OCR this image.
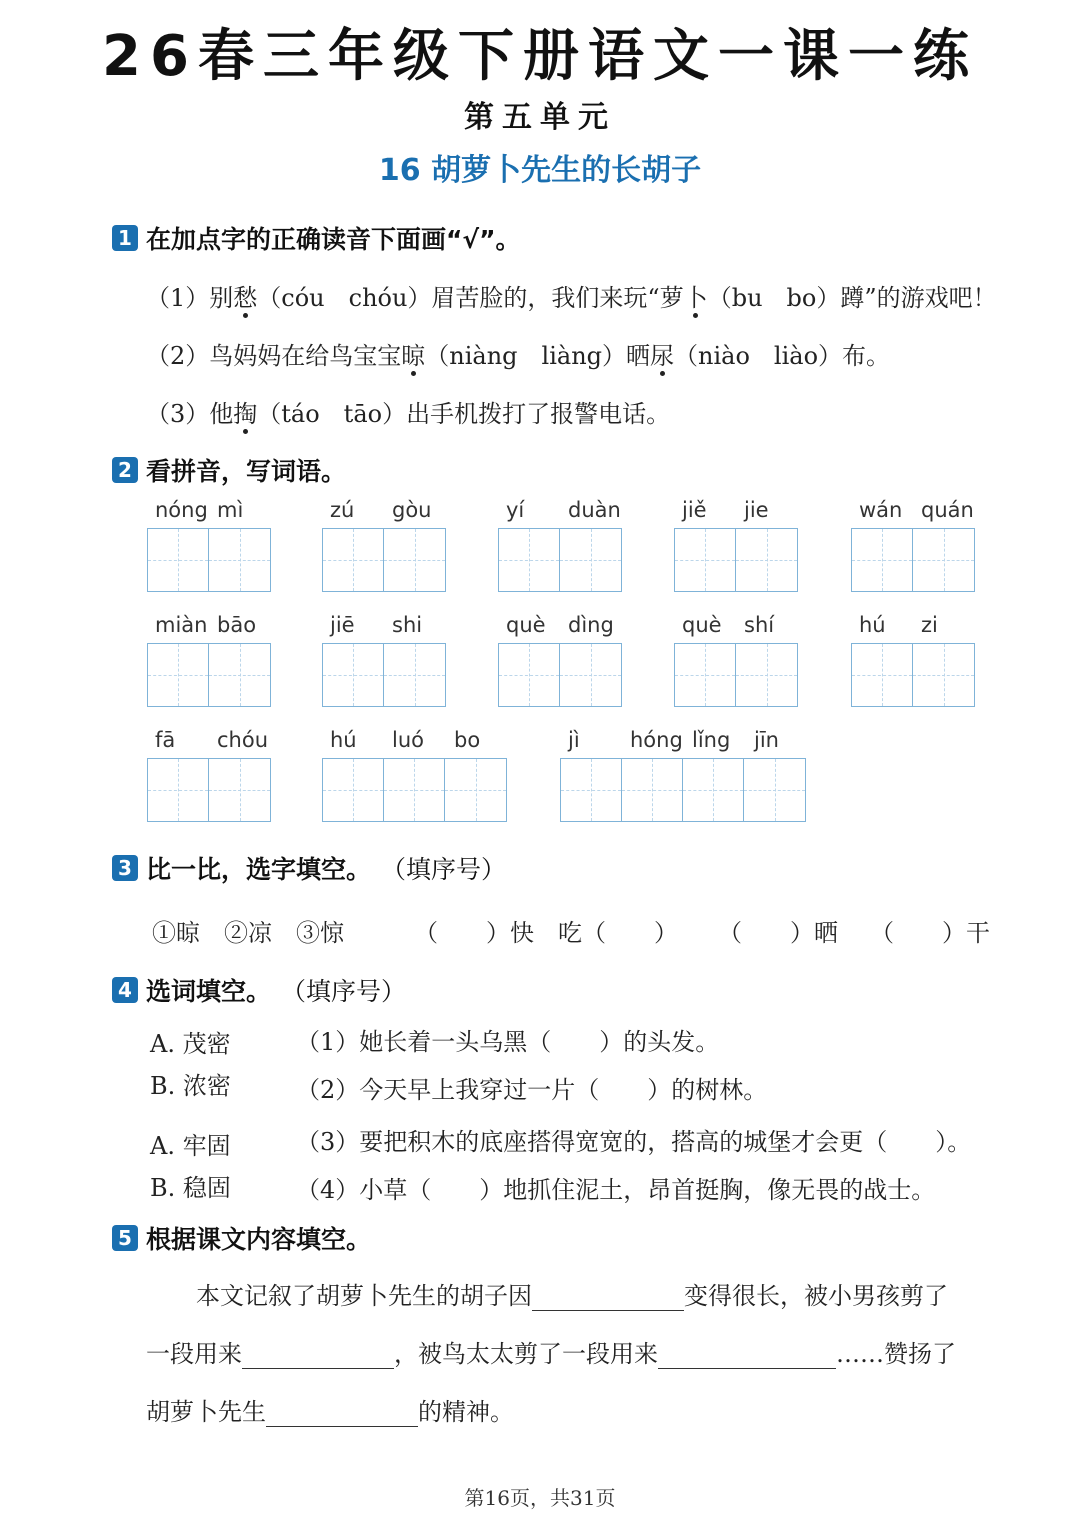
26春三年级下册语文一课一练
第五单元
16 胡萝卜先生的长胡子
1 在加点字的正确读音下面画“√”。
（1）别愁（cóu　chóu）眉苦脸的，我们来玩“萝卜（bu　bo）蹲”的游戏吧！
（2）鸟妈妈在给鸟宝宝晾（niàng　liàng）晒尿（niào　liào）布。
（3）他掏（táo　tāo）出手机拨打了报警电话。
2 看拼音，写词语。
nóng mì	zú gòu	yí duàn	jiě jie	wán quán
miàn bāo	jiē shi	què dìng	què shí	hú zi
fā chóu	hú luó bo	jì hóng lǐng jīn
3 比一比，选字填空。 （填序号）
①晾　②凉　③惊	（　　）快 吃（　　） （　　）晒 （　　）干
4 选词填空。 （填序号）
A. 茂密
B. 浓密
（1）她长着一头乌黑（　　）的头发。
（2）今天早上我穿过一片（　　）的树林。
A. 牢固
B. 稳固
（3）要把积木的底座搭得宽宽的，搭高的城堡才会更（　　）。
（4）小草（　　）地抓住泥土，昂首挺胸，像无畏的战士。
5 根据课文内容填空。
本文记叙了胡萝卜先生的胡子因	变得很长，被小男孩剪了
一段用来	，被鸟太太剪了一段用来	……赞扬了
胡萝卜先生	的精神。
第16页，共31页
